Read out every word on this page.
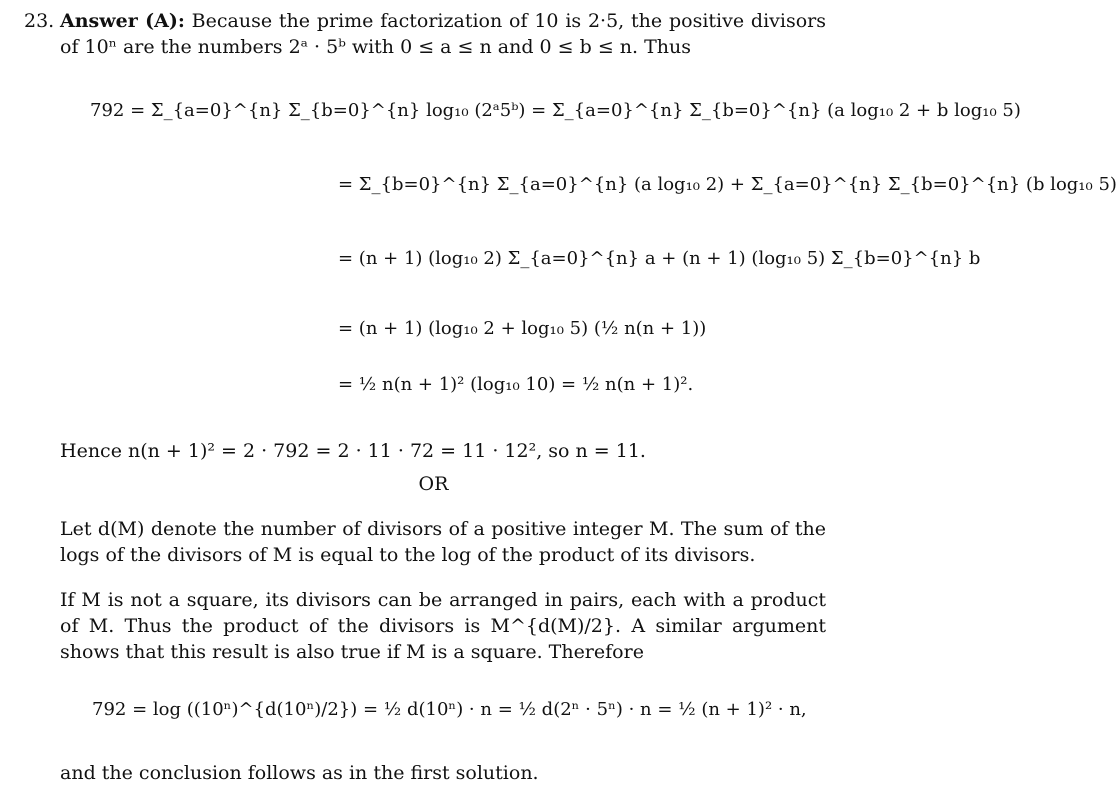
23. Answer (A): Because the prime factorization of 10 is 2·5, the positive divisors of 10ⁿ are the numbers 2ᵃ · 5ᵇ with 0 ≤ a ≤ n and 0 ≤ b ≤ n. Thus
792 = Σ_{a=0}^{n} Σ_{b=0}^{n} log₁₀ (2ᵃ5ᵇ) = Σ_{a=0}^{n} Σ_{b=0}^{n} (a log₁₀ 2 + b log₁₀ 5)
= Σ_{b=0}^{n} Σ_{a=0}^{n} (a log₁₀ 2) + Σ_{a=0}^{n} Σ_{b=0}^{n} (b log₁₀ 5)
= (n + 1) (log₁₀ 2) Σ_{a=0}^{n} a + (n + 1) (log₁₀ 5) Σ_{b=0}^{n} b
= (n + 1) (log₁₀ 2 + log₁₀ 5) (½ n(n + 1))
= ½ n(n + 1)² (log₁₀ 10) = ½ n(n + 1)².
Hence n(n + 1)² = 2 · 792 = 2 · 11 · 72 = 11 · 12², so n = 11.
OR
Let d(M) denote the number of divisors of a positive integer M. The sum of the logs of the divisors of M is equal to the log of the product of its divisors.
If M is not a square, its divisors can be arranged in pairs, each with a product of M. Thus the product of the divisors is M^{d(M)/2}. A similar argument shows that this result is also true if M is a square. Therefore
792 = log ((10ⁿ)^{d(10ⁿ)/2}) = ½ d(10ⁿ) · n = ½ d(2ⁿ · 5ⁿ) · n = ½ (n + 1)² · n,
and the conclusion follows as in the first solution.
